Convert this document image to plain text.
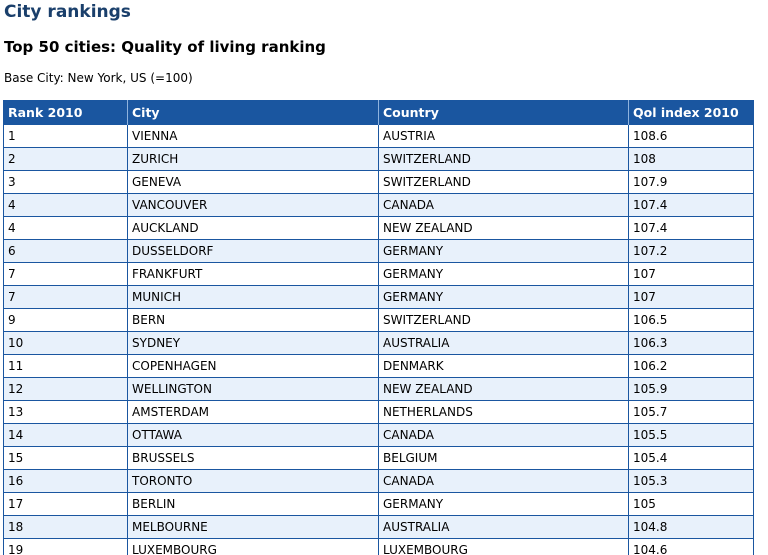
City rankings
Top 50 cities: Quality of living ranking

Base City: New York, US (=100)

Rank 2010	City	Country	Qol index 2010
1	VIENNA	AUSTRIA	108.6
2	ZURICH	SWITZERLAND	108
3	GENEVA	SWITZERLAND	107.9
4	VANCOUVER	CANADA	107.4
4	AUCKLAND	NEW ZEALAND	107.4
6	DUSSELDORF	GERMANY	107.2
7	FRANKFURT	GERMANY	107
7	MUNICH	GERMANY	107
9	BERN	SWITZERLAND	106.5
10	SYDNEY	AUSTRALIA	106.3
11	COPENHAGEN	DENMARK	106.2
12	WELLINGTON	NEW ZEALAND	105.9
13	AMSTERDAM	NETHERLANDS	105.7
14	OTTAWA	CANADA	105.5
15	BRUSSELS	BELGIUM	105.4
16	TORONTO	CANADA	105.3
17	BERLIN	GERMANY	105
18	MELBOURNE	AUSTRALIA	104.8
19	LUXEMBOURG	LUXEMBOURG	104.6
